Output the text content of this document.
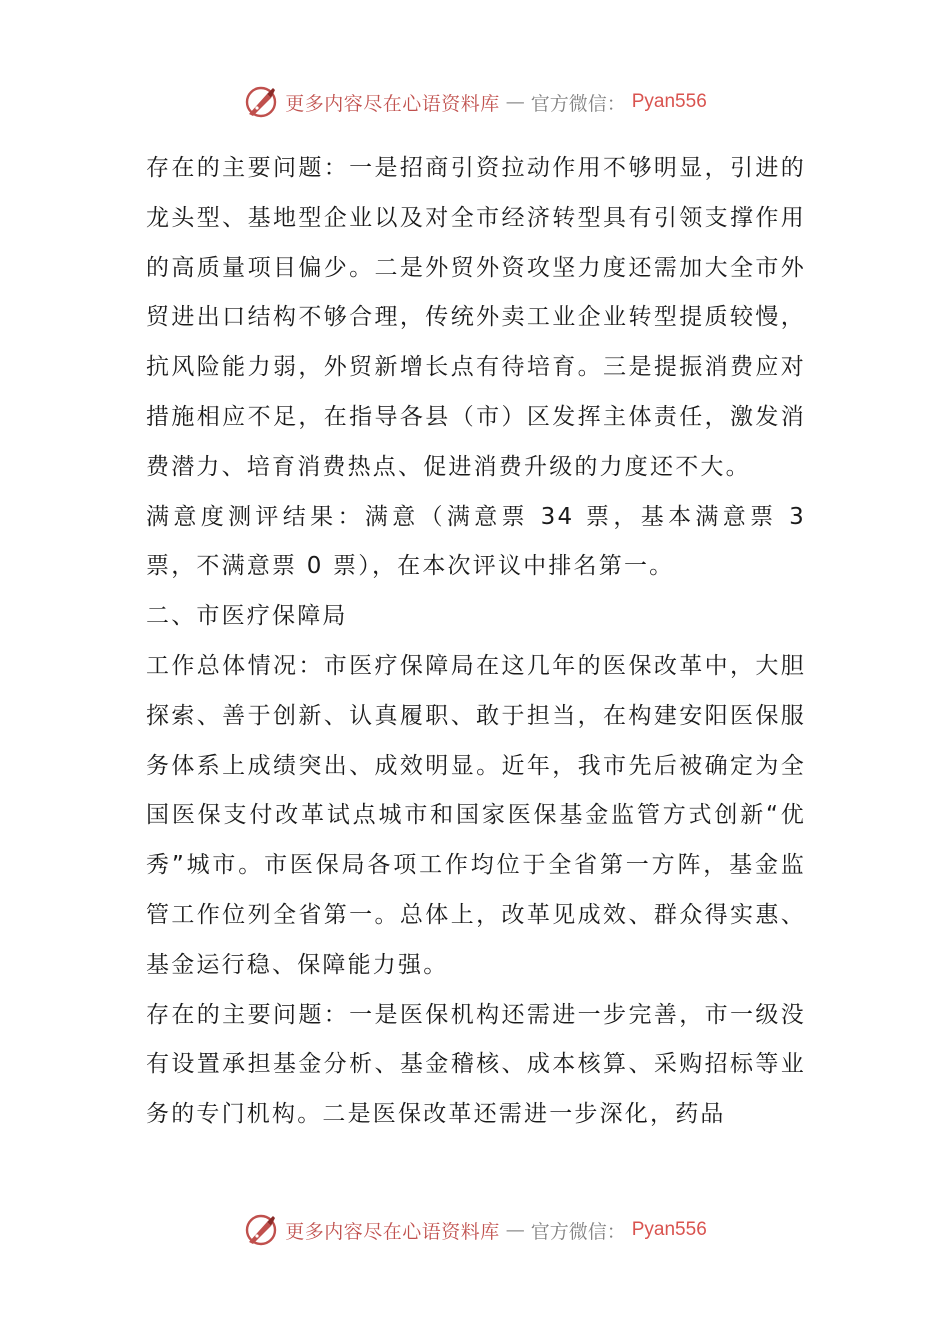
更多内容尽在心语资料库 — 官方微信： Pyan556

存在的主要问题：一是招商引资拉动作用不够明显，引进的龙头型、基地型企业以及对全市经济转型具有引领支撑作用的高质量项目偏少。二是外贸外资攻坚力度还需加大全市外贸进出口结构不够合理，传统外卖工业企业转型提质较慢，抗风险能力弱，外贸新增长点有待培育。三是提振消费应对措施相应不足，在指导各县（市）区发挥主体责任，激发消费潜力、培育消费热点、促进消费升级的力度还不大。

满意度测评结果：满意（满意票 34 票，基本满意票 3 票，不满意票 0 票），在本次评议中排名第一。

二、市医疗保障局

工作总体情况：市医疗保障局在这几年的医保改革中，大胆探索、善于创新、认真履职、敢于担当，在构建安阳医保服务体系上成绩突出、成效明显。近年，我市先后被确定为全国医保支付改革试点城市和国家医保基金监管方式创新“优秀”城市。市医保局各项工作均位于全省第一方阵，基金监管工作位列全省第一。总体上，改革见成效、群众得实惠、基金运行稳、保障能力强。

存在的主要问题：一是医保机构还需进一步完善，市一级没有设置承担基金分析、基金稽核、成本核算、采购招标等业务的专门机构。二是医保改革还需进一步深化，药品

更多内容尽在心语资料库 — 官方微信： Pyan556
